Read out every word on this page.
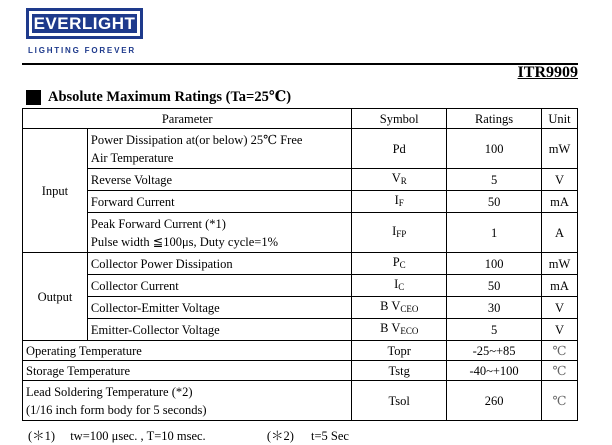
EVERLIGHT
LIGHTING FOREVER
ITR9909
Absolute Maximum Ratings (Ta=25℃)
Parameter		Symbol	Ratings	Unit
Input	Power Dissipation at(or below) 25℃ Free
Air Temperature	Pd	100	mW
	Reverse Voltage	$V_R$	5	V
	Forward Current	$I_F$	50	mA

	Peak Forward Current (*1)
Pulse width ≦100μs, Duty cycle=1%	$I_{FP}$	1	A
Output	Collector Power Dissipation	$P_C$	100	mW
	Collector Current	$I_C$	50	mA
	Collector-Emitter Voltage	B $V_{CEO}$	30	V
	Emitter-Collector Voltage	B $V_{ECO}$	5	V
Operating Temperature		Topr	-25~+85	℃
Storage Temperature		Tstg	-40~+100	℃

Lead Soldering Temperature (*2)
(1/16 inch form body for 5 seconds)		Tsol	260	℃
(＊1) tw=100 μsec. , T=10 msec.	(＊2) t=5 Sec
